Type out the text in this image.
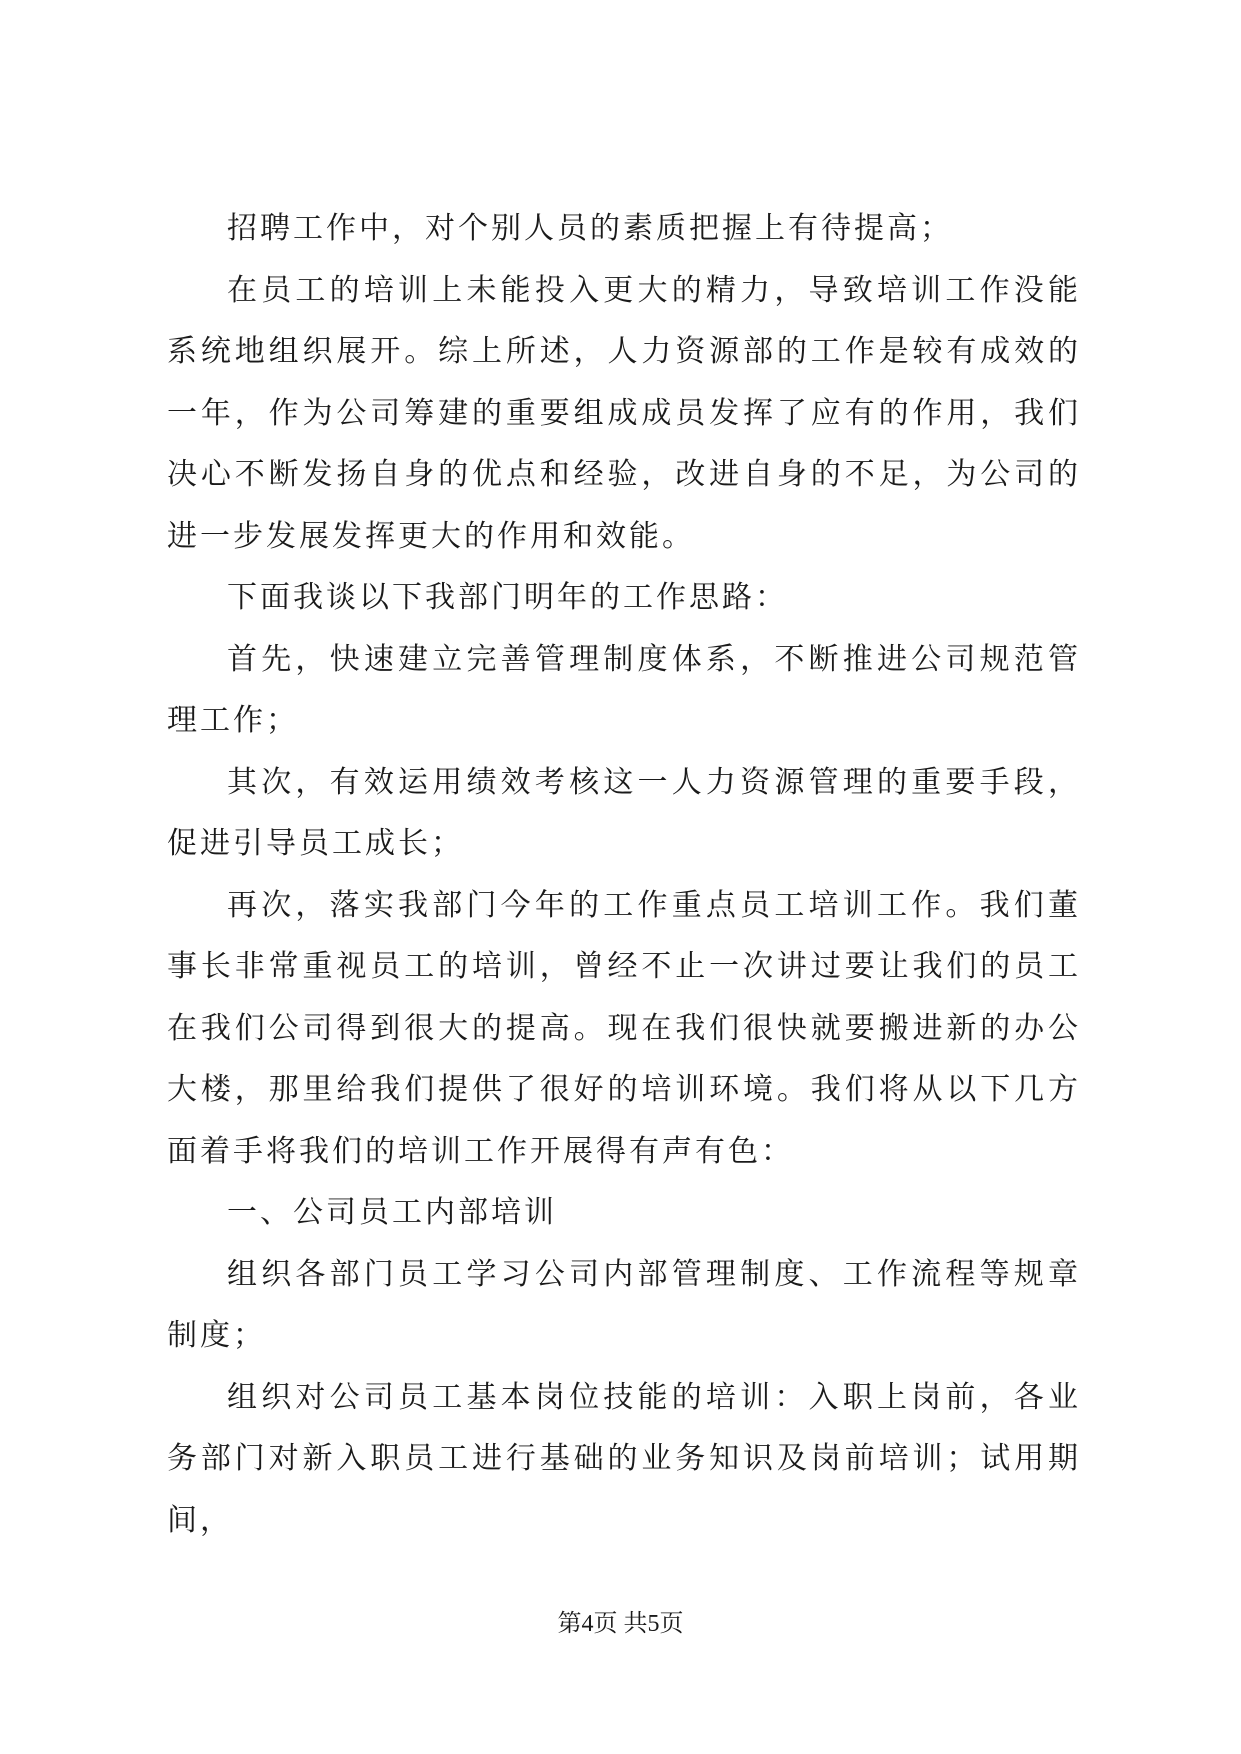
招聘工作中，对个别人员的素质把握上有待提高；

在员工的培训上未能投入更大的精力，导致培训工作没能系统地组织展开。综上所述，人力资源部的工作是较有成效的一年，作为公司筹建的重要组成成员发挥了应有的作用，我们决心不断发扬自身的优点和经验，改进自身的不足，为公司的进一步发展发挥更大的作用和效能。

下面我谈以下我部门明年的工作思路：

首先，快速建立完善管理制度体系，不断推进公司规范管理工作；

其次，有效运用绩效考核这一人力资源管理的重要手段，促进引导员工成长；

再次，落实我部门今年的工作重点员工培训工作。我们董事长非常重视员工的培训，曾经不止一次讲过要让我们的员工在我们公司得到很大的提高。现在我们很快就要搬进新的办公大楼，那里给我们提供了很好的培训环境。我们将从以下几方面着手将我们的培训工作开展得有声有色：

一、公司员工内部培训

组织各部门员工学习公司内部管理制度、工作流程等规章制度；

组织对公司员工基本岗位技能的培训：入职上岗前，各业务部门对新入职员工进行基础的业务知识及岗前培训；试用期间，

第4页 共5页
